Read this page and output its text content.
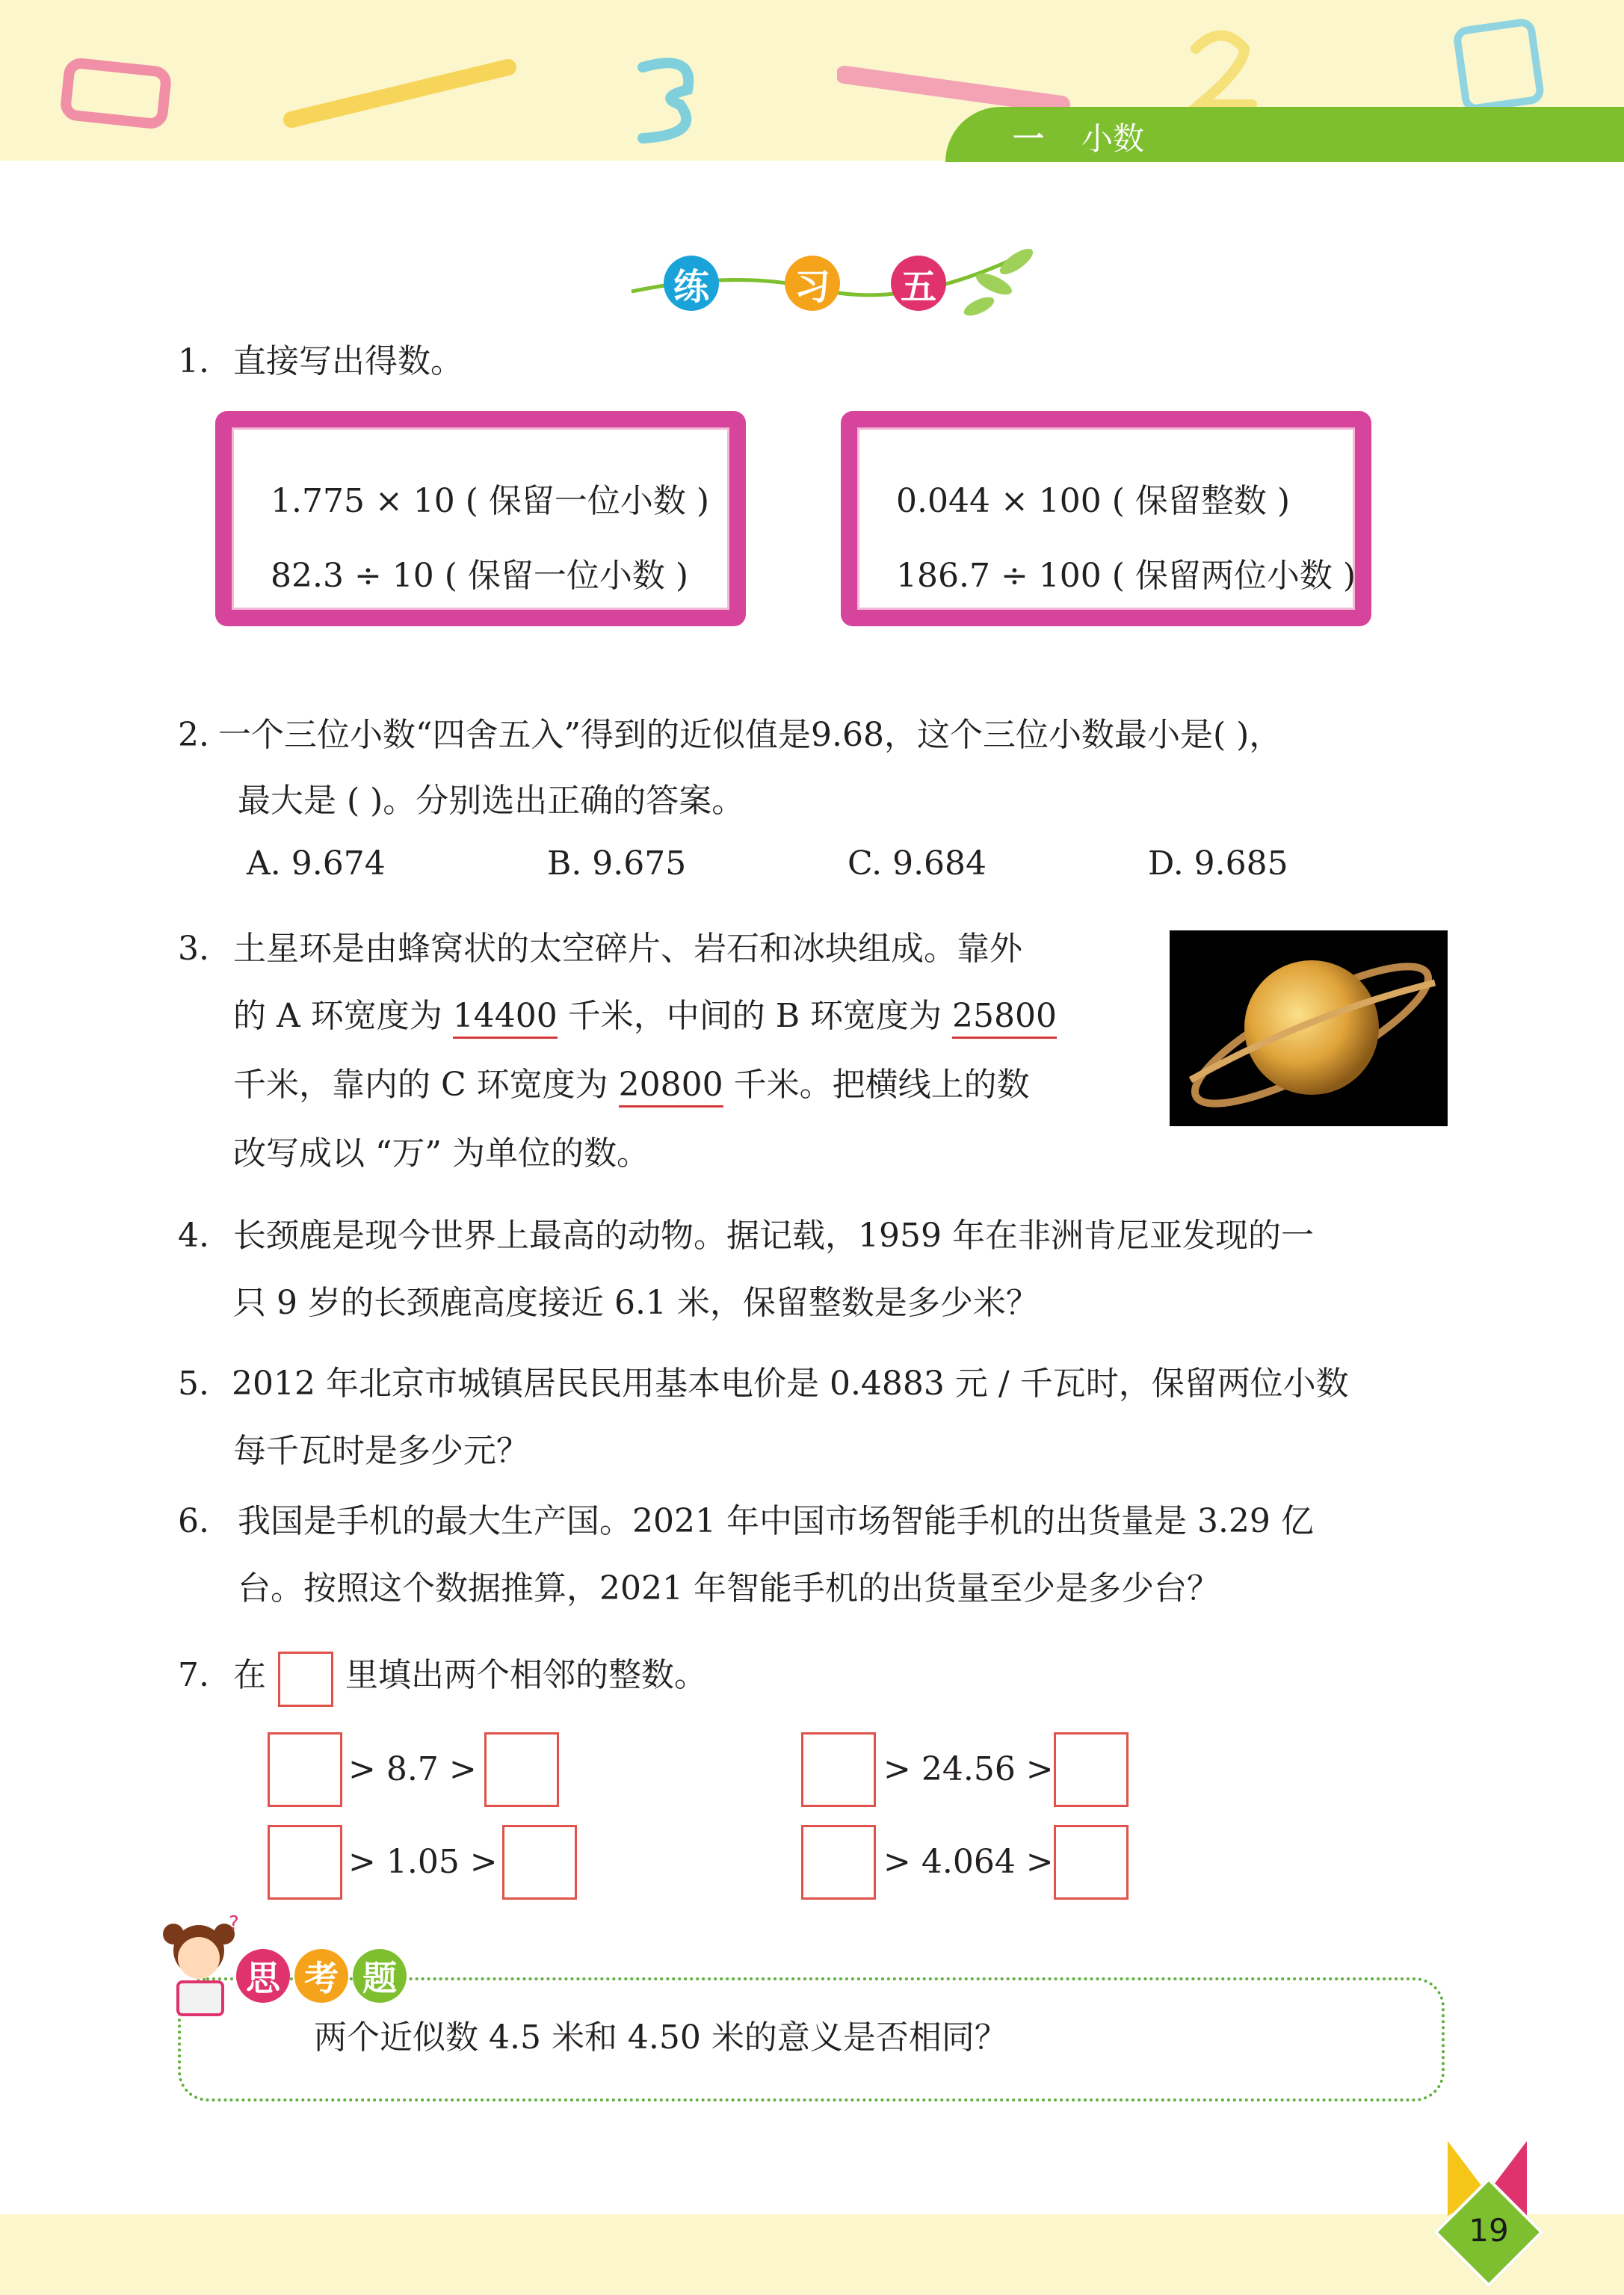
一 小数
练 习 五
1. 直接写出得数。
1.775 × 10 ( 保留一位小数 )
82.3 ÷ 10 ( 保留一位小数 )
0.044 × 100 ( 保留整数 )
186.7 ÷ 100 ( 保留两位小数 )
2. 一个三位小数“四舍五入”得到的近似值是9.68，这个三位小数最小是( )，
最大是 ( )。分别选出正确的答案。
A. 9.674	B. 9.675	C. 9.684	D. 9.685
3. 土星环是由蜂窝状的太空碎片、岩石和冰块组成。靠外
的 A 环宽度为 14400 千米，中间的 B 环宽度为 25800
千米，靠内的 C 环宽度为 20800 千米。把横线上的数
改写成以 “万” 为单位的数。
4. 长颈鹿是现今世界上最高的动物。据记载，1959 年在非洲肯尼亚发现的一
只 9 岁的长颈鹿高度接近 6.1 米，保留整数是多少米？
5. 2012 年北京市城镇居民民用基本电价是 0.4883 元 / 千瓦时，保留两位小数
每千瓦时是多少元？
6. 我国是手机的最大生产国。2021 年中国市场智能手机的出货量是 3.29 亿
台。按照这个数据推算，2021 年智能手机的出货量至少是多少台？
7. 在 里填出两个相邻的整数。
> 8.7 >	> 24.56 >
> 1.05 >	> 4.064 >
?
思 考 题
两个近似数 4.5 米和 4.50 米的意义是否相同？
19
